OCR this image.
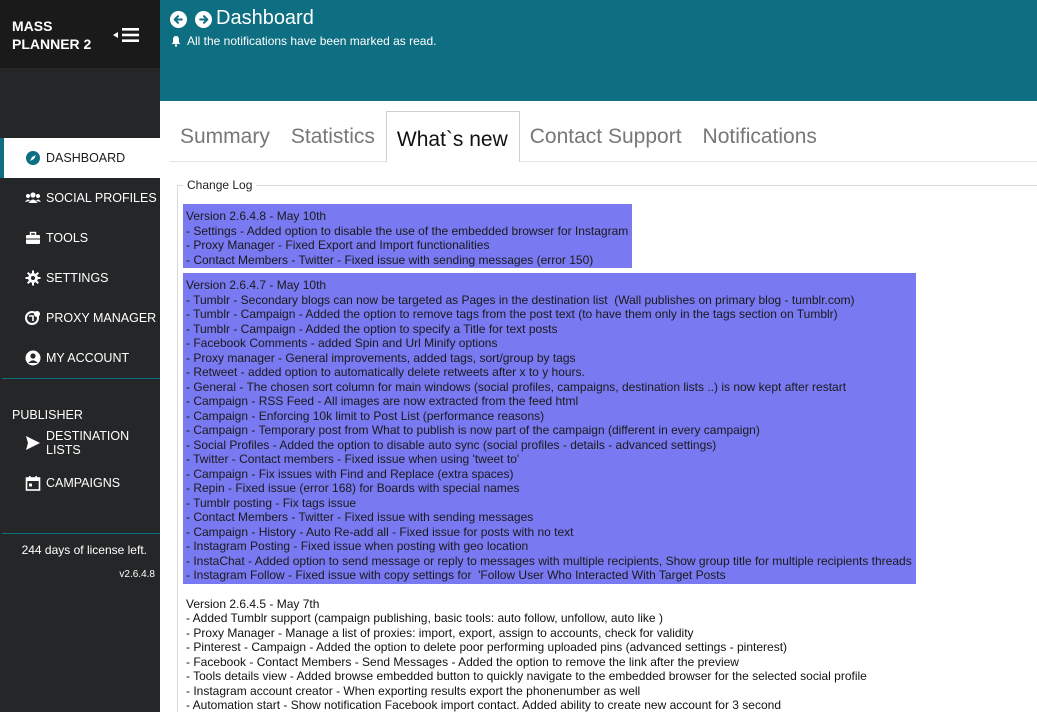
MASS
PLANNER 2
DASHBOARD
SOCIAL PROFILES
TOOLS
SETTINGS
PROXY MANAGER
MY ACCOUNT
PUBLISHER
DESTINATION LISTS
CAMPAIGNS
244 days of license left.
v2.6.4.8
Dashboard
All the notifications have been marked as read.
Summary	Statistics	What`s new	Contact Support	Notifications
Change Log
Version 2.6.4.8 - May 10th
- Settings - Added option to disable the use of the embedded browser for Instagram
- Proxy Manager - Fixed Export and Import functionalities
- Contact Members - Twitter - Fixed issue with sending messages (error 150)
Version 2.6.4.7 - May 10th
- Tumblr - Secondary blogs can now be targeted as Pages in the destination list  (Wall publishes on primary blog - tumblr.com)
- Tumblr - Campaign - Added the option to remove tags from the post text (to have them only in the tags section on Tumblr)
- Tumblr - Campaign - Added the option to specify a Title for text posts
- Facebook Comments - added Spin and Url Minify options
- Proxy manager - General improvements, added tags, sort/group by tags
- Retweet - added option to automatically delete retweets after x to y hours.
- General - The chosen sort column for main windows (social profiles, campaigns, destination lists ..) is now kept after restart
- Campaign - RSS Feed - All images are now extracted from the feed html
- Campaign - Enforcing 10k limit to Post List (performance reasons)
- Campaign - Temporary post from What to publish is now part of the campaign (different in every campaign)
- Social Profiles - Added the option to disable auto sync (social profiles - details - advanced settings)
- Twitter - Contact members - Fixed issue when using 'tweet to'
- Campaign - Fix issues with Find and Replace (extra spaces)
- Repin - Fixed issue (error 168) for Boards with special names
- Tumblr posting - Fix tags issue
- Contact Members - Twitter - Fixed issue with sending messages
- Campaign - History - Auto Re-add all - Fixed issue for posts with no text
- Instagram Posting - Fixed issue when posting with geo location
- InstaChat - Added option to send message or reply to messages with multiple recipients, Show group title for multiple recipients threads
- Instagram Follow - Fixed issue with copy settings for  'Follow User Who Interacted With Target Posts
Version 2.6.4.5 - May 7th
- Added Tumblr support (campaign publishing, basic tools: auto follow, unfollow, auto like )
- Proxy Manager - Manage a list of proxies: import, export, assign to accounts, check for validity
- Pinterest - Campaign - Added the option to delete poor performing uploaded pins (advanced settings - pinterest)
- Facebook - Contact Members - Send Messages - Added the option to remove the link after the preview
- Tools details view - Added browse embedded button to quickly navigate to the embedded browser for the selected social profile
- Instagram account creator - When exporting results export the phonenumber as well
- Automation start - Show notification Facebook import contact. Added ability to create new account for 3 second
